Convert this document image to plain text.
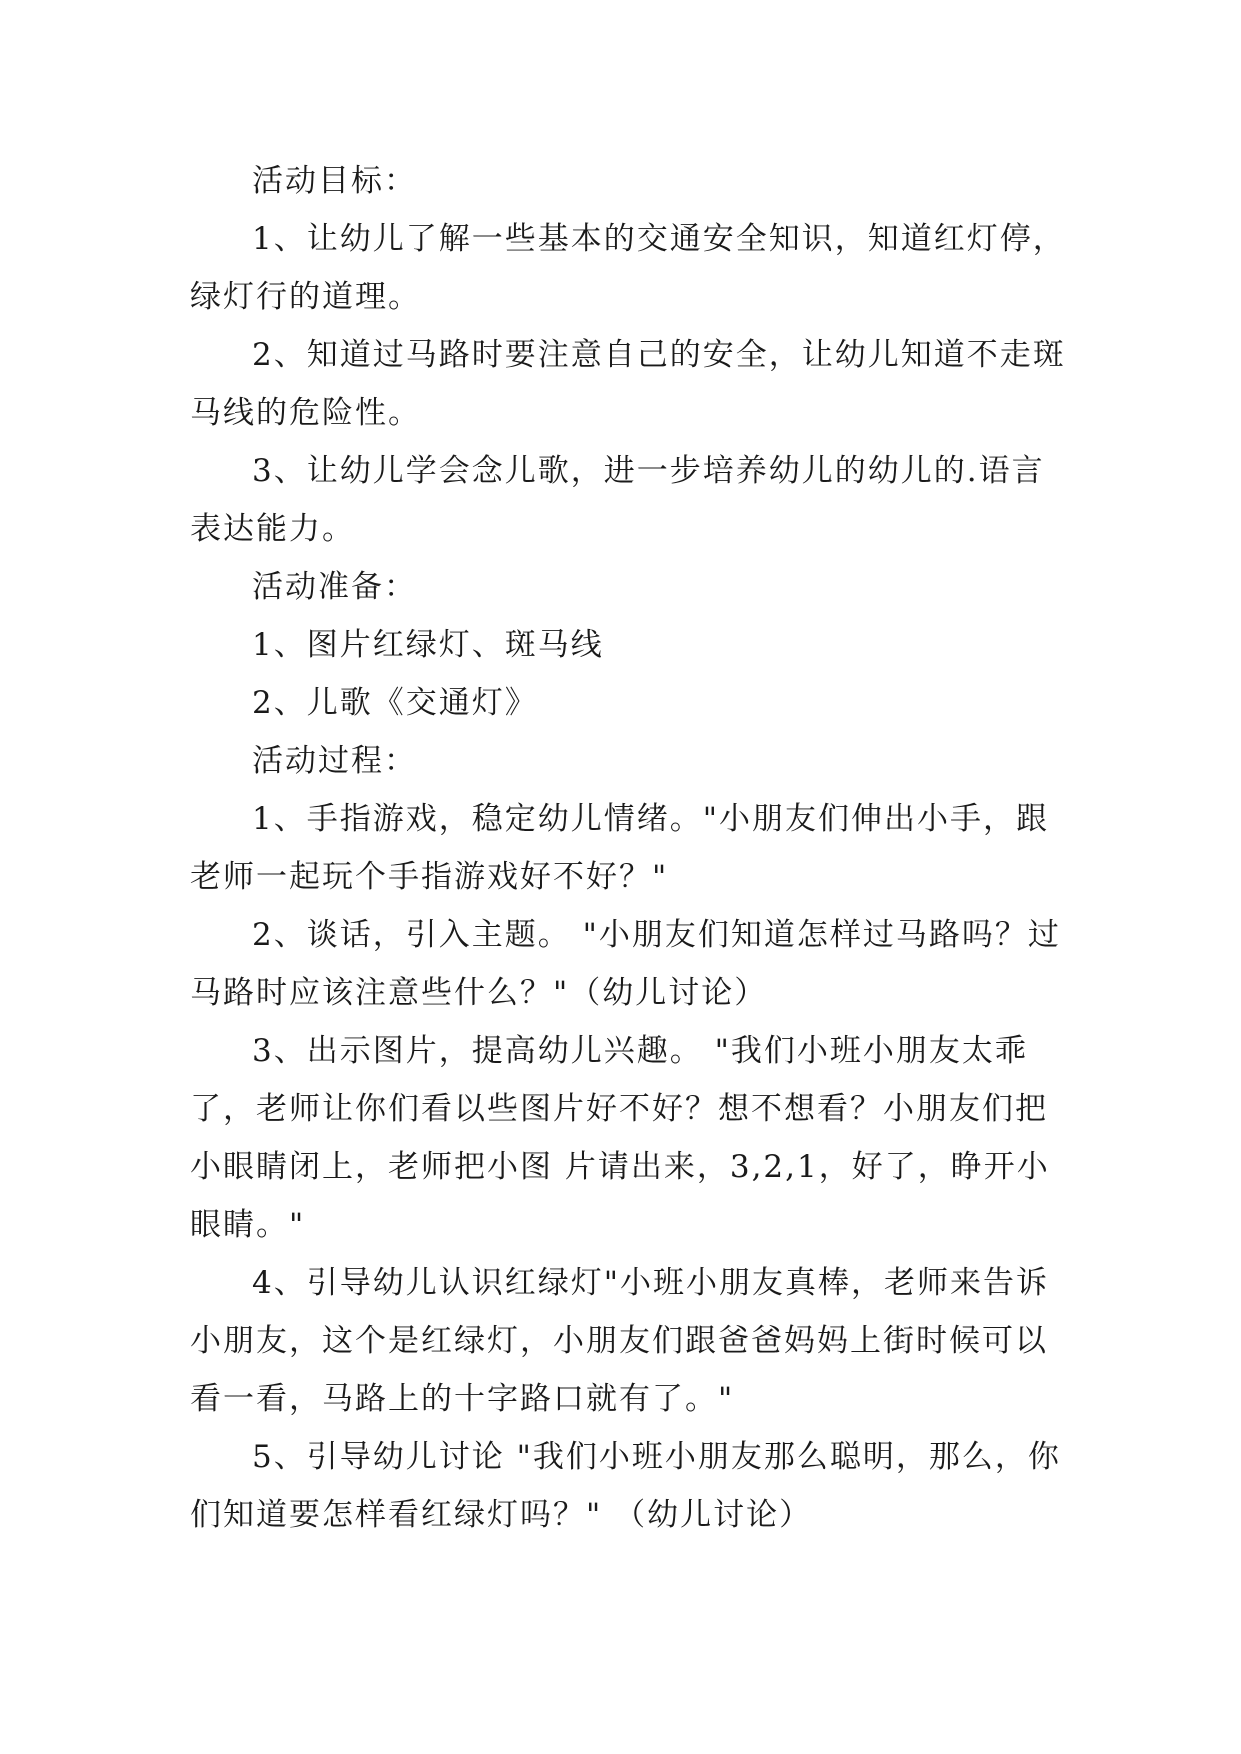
活动目标：

1、让幼儿了解一些基本的交通安全知识，知道红灯停，绿灯行的道理。

2、知道过马路时要注意自己的安全，让幼儿知道不走斑马线的危险性。

3、让幼儿学会念儿歌，进一步培养幼儿的幼儿的.语言表达能力。

活动准备：

1、图片红绿灯、斑马线

2、儿歌《交通灯》

活动过程：

1、手指游戏，稳定幼儿情绪。"小朋友们伸出小手，跟老师一起玩个手指游戏好不好？"

2、谈话，引入主题。 "小朋友们知道怎样过马路吗？过马路时应该注意些什么？"（幼儿讨论）

3、出示图片，提高幼儿兴趣。 "我们小班小朋友太乖了，老师让你们看以些图片好不好？想不想看？小朋友们把小眼睛闭上，老师把小图 片请出来，3,2,1，好了，睁开小眼睛。"

4、引导幼儿认识红绿灯"小班小朋友真棒，老师来告诉小朋友，这个是红绿灯，小朋友们跟爸爸妈妈上街时候可以看一看，马路上的十字路口就有了。"

5、引导幼儿讨论 "我们小班小朋友那么聪明，那么，你们知道要怎样看红绿灯吗？" （幼儿讨论）
